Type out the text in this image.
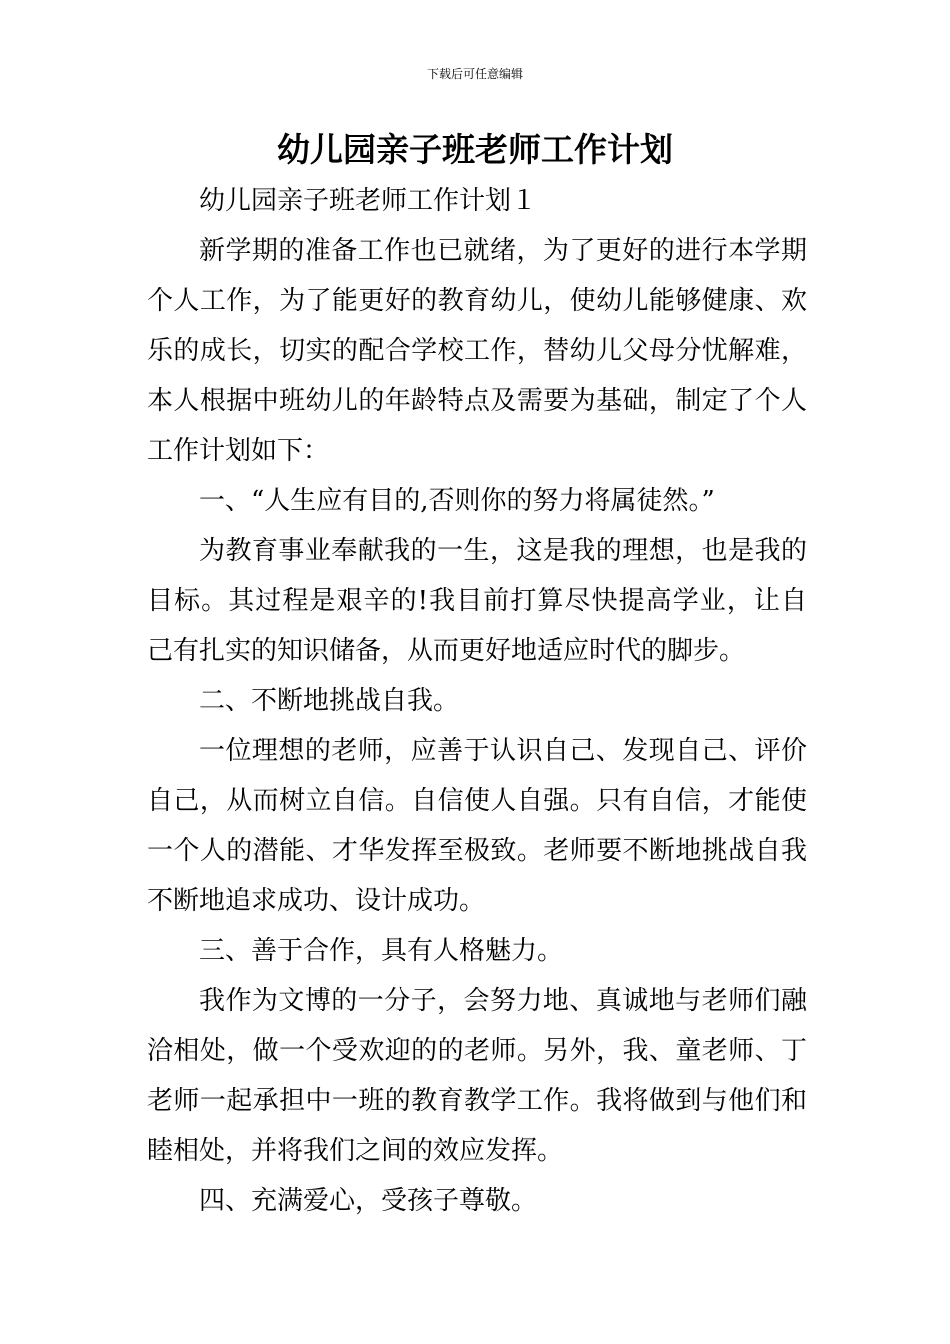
下载后可任意编辑
幼儿园亲子班老师工作计划

幼儿园亲子班老师工作计划１

新学期的准备工作也已就绪，为了更好的进行本学期个人工作，为了能更好的教育幼儿，使幼儿能够健康、欢乐的成长，切实的配合学校工作，替幼儿父母分忧解难，本人根据中班幼儿的年龄特点及需要为基础，制定了个人工作计划如下：

一、“人生应有目的,否则你的努力将属徒然。”

为教育事业奉献我的一生，这是我的理想，也是我的目标。其过程是艰辛的!我目前打算尽快提高学业，让自己有扎实的知识储备，从而更好地适应时代的脚步。

二、不断地挑战自我。

一位理想的老师，应善于认识自己、发现自己、评价自己，从而树立自信。自信使人自强。只有自信，才能使一个人的潜能、才华发挥至极致。老师要不断地挑战自我不断地追求成功、设计成功。

三、善于合作，具有人格魅力。

我作为文博的一分子，会努力地、真诚地与老师们融洽相处，做一个受欢迎的的老师。另外，我、童老师、丁老师一起承担中一班的教育教学工作。我将做到与他们和睦相处，并将我们之间的效应发挥。

四、充满爱心，受孩子尊敬。
